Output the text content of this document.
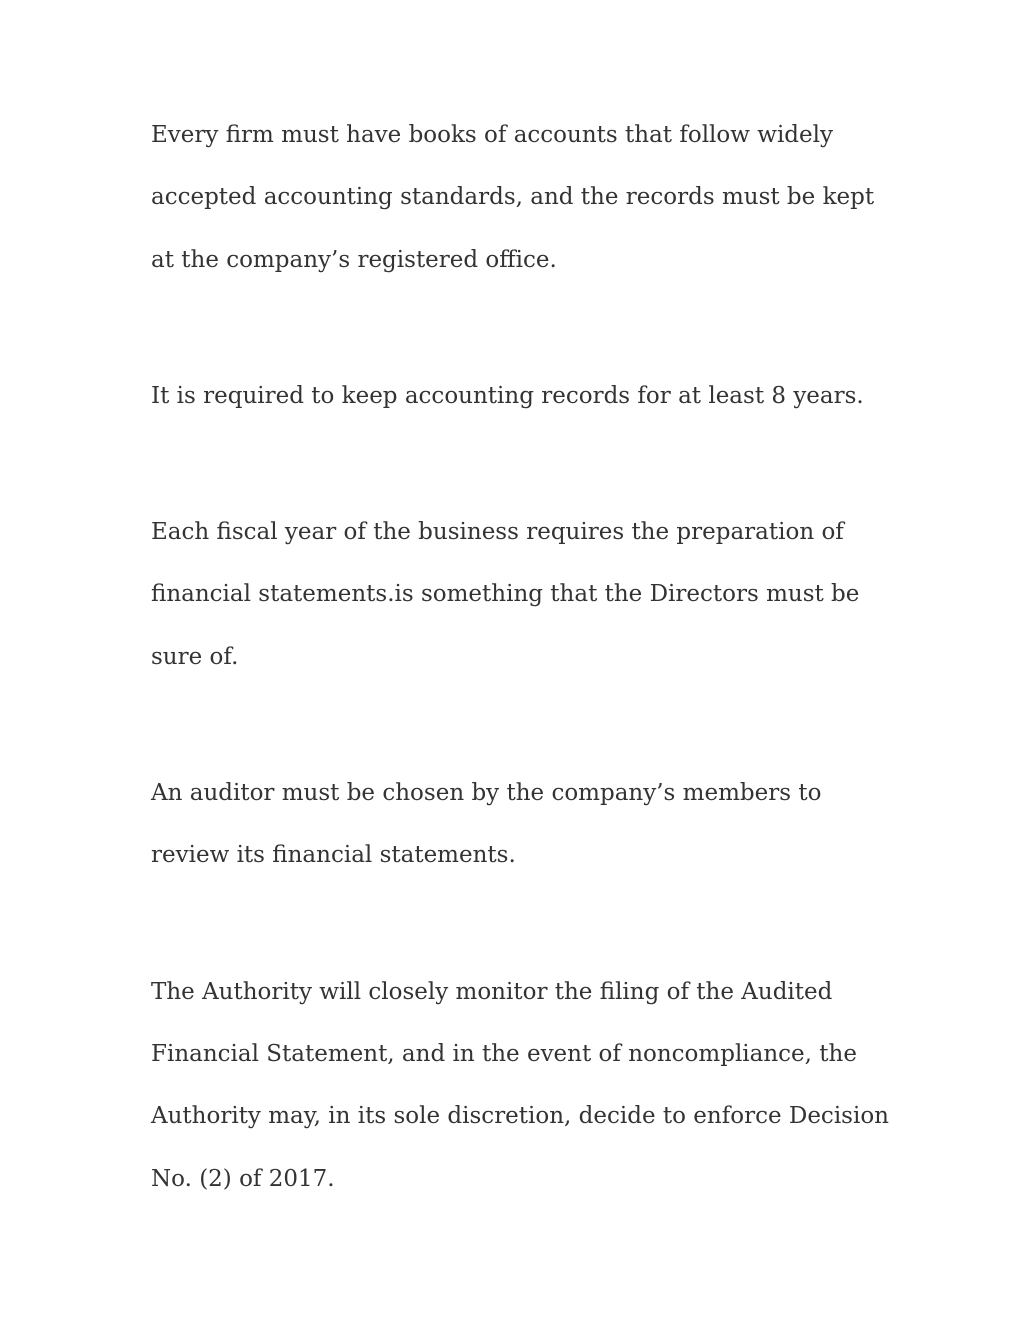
Every firm must have books of accounts that follow widely accepted accounting standards, and the records must be kept at the company’s registered office.

It is required to keep accounting records for at least 8 years.

Each fiscal year of the business requires the preparation of financial statements.is something that the Directors must be sure of.

An auditor must be chosen by the company’s members to review its financial statements.

The Authority will closely monitor the filing of the Audited Financial Statement, and in the event of noncompliance, the Authority may, in its sole discretion, decide to enforce Decision No. (2) of 2017.
